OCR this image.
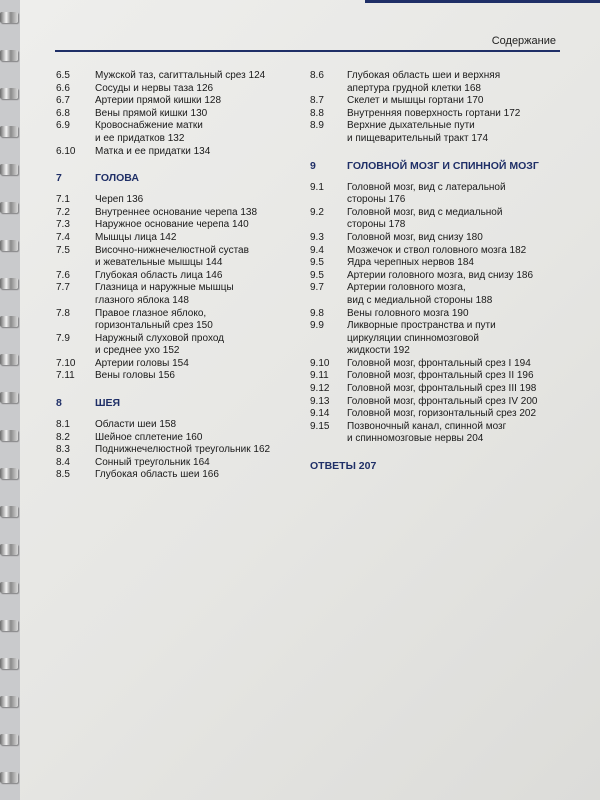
Содержание
6.5	Мужской таз, сагиттальный срез 124
6.6	Сосуды и нервы таза 126
6.7	Артерии прямой кишки 128
6.8	Вены прямой кишки 130
6.9	Кровоснабжение матки
и ее придатков 132
6.10	Матка и ее придатки 134
7	ГОЛОВА
7.1	Череп 136
7.2	Внутреннее основание черепа 138
7.3	Наружное основание черепа 140
7.4	Мышцы лица 142
7.5	Височно-нижнечелюстной сустав
и жевательные мышцы 144
7.6	Глубокая область лица 146
7.7	Глазница и наружные мышцы
глазного яблока 148
7.8	Правое глазное яблоко,
горизонтальный срез 150
7.9	Наружный слуховой проход
и среднее ухо 152
7.10	Артерии головы 154
7.11	Вены головы 156
8	ШЕЯ
8.1	Области шеи 158
8.2	Шейное сплетение 160
8.3	Поднижнечелюстной треугольник 162
8.4	Сонный треугольник 164
8.5	Глубокая область шеи 166
8.6	Глубокая область шеи и верхняя
апертура грудной клетки 168
8.7	Скелет и мышцы гортани 170
8.8	Внутренняя поверхность гортани 172
8.9	Верхние дыхательные пути
и пищеварительный тракт 174
9	ГОЛОВНОЙ МОЗГ И СПИННОЙ МОЗГ
9.1	Головной мозг, вид с латеральной
стороны 176
9.2	Головной мозг, вид с медиальной
стороны 178
9.3	Головной мозг, вид снизу 180
9.4	Мозжечок и ствол головного мозга 182
9.5	Ядра черепных нервов 184
9.5	Артерии головного мозга, вид снизу 186
9.7	Артерии головного мозга,
вид с медиальной стороны 188
9.8	Вены головного мозга 190
9.9	Ликворные пространства и пути
циркуляции спинномозговой
жидкости 192
9.10	Головной мозг, фронтальный срез I 194
9.11	Головной мозг, фронтальный срез II 196
9.12	Головной мозг, фронтальный срез III 198
9.13	Головной мозг, фронтальный срез IV 200
9.14	Головной мозг, горизонтальный срез 202
9.15	Позвоночный канал, спинной мозг
и спинномозговые нервы 204
ОТВЕТЫ 207
